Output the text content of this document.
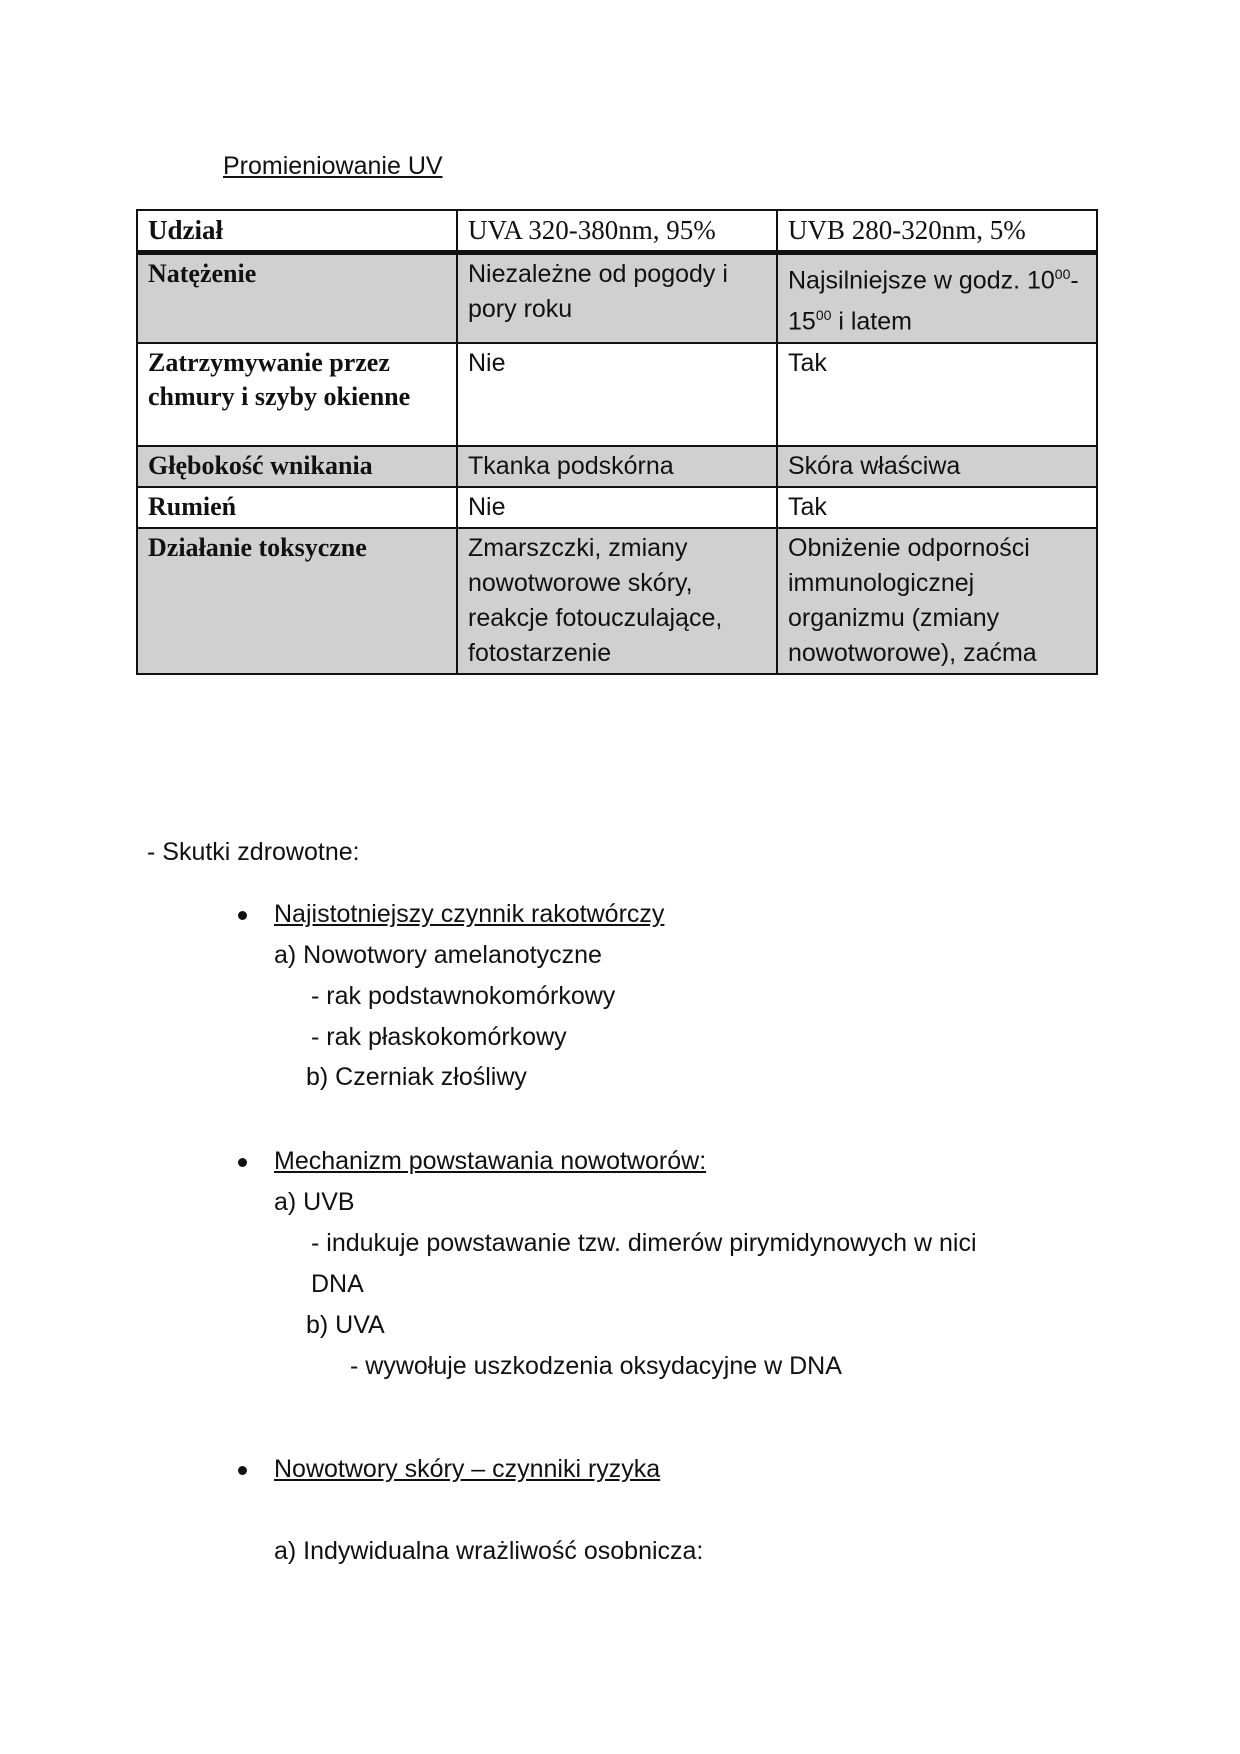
Promieniowanie UV
Udział	UVA 320-380nm, 95%	UVB 280-320nm, 5%
Natężenie	Niezależne od pogody i pory roku	Najsilniejsze w godz. $10^{00}-15^{00}$ i latem
Zatrzymywanie przez chmury i szyby okienne	Nie	Tak
Głębokość wnikania	Tkanka podskórna	Skóra właściwa
Rumień	Nie	Tak
Działanie toksyczne	Zmarszczki, zmiany nowotworowe skóry, reakcje fotouczulające, fotostarzenie	Obniżenie odporności immunologicznej organizmu (zmiany nowotworowe), zaćma
- Skutki zdrowotne:
Najistotniejszy czynnik rakotwórczy
a) Nowotwory amelanotyczne
- rak podstawnokomórkowy
- rak płaskokomórkowy
b) Czerniak złośliwy
Mechanizm powstawania nowotworów:
a) UVB
- indukuje powstawanie tzw. dimerów pirymidynowych w nici
DNA
b) UVA
- wywołuje uszkodzenia oksydacyjne w DNA
Nowotwory skóry – czynniki ryzyka
a) Indywidualna wrażliwość osobnicza:
